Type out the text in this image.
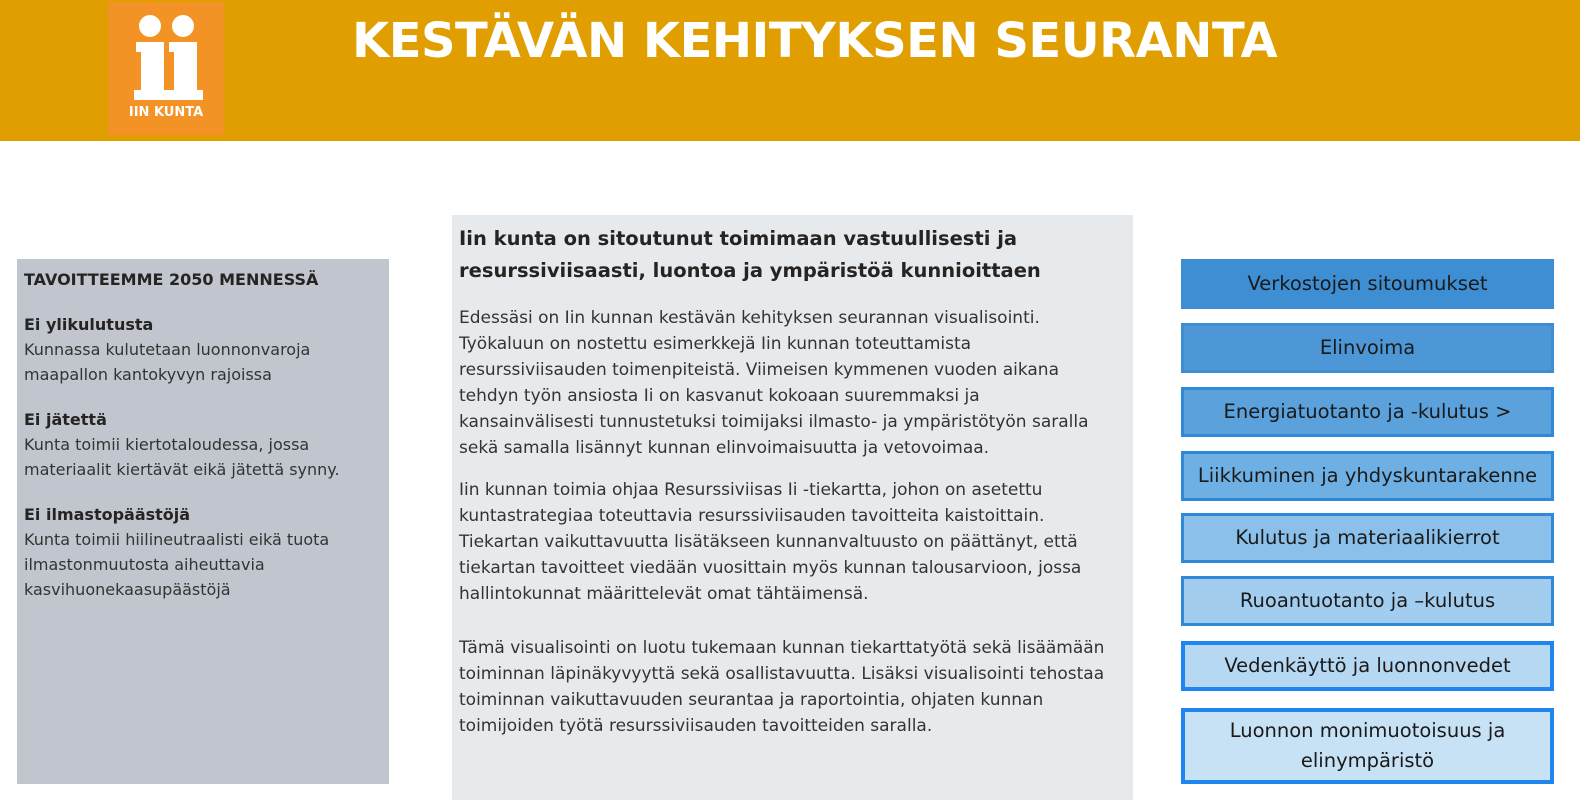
IIN KUNTA
KESTÄVÄN KEHITYKSEN SEURANTA
TAVOITTEEMME 2050 MENNESSÄ
Ei ylikulutusta
Kunnassa kulutetaan luonnonvaroja
maapallon kantokyvyn rajoissa
Ei jätettä
Kunta toimii kiertotaloudessa, jossa
materiaalit kiertävät eikä jätettä synny.
Ei ilmastopäästöjä
Kunta toimii hiilineutraalisti eikä tuota
ilmastonmuutosta aiheuttavia
kasvihuonekaasupäästöjä
Iin kunta on sitoutunut toimimaan vastuullisesti ja
resurssiviisaasti, luontoa ja ympäristöä kunnioittaen
Edessäsi on Iin kunnan kestävän kehityksen seurannan visualisointi.
Työkaluun on nostettu esimerkkejä Iin kunnan toteuttamista
resurssiviisauden toimenpiteistä. Viimeisen kymmenen vuoden aikana
tehdyn työn ansiosta Ii on kasvanut kokoaan suuremmaksi ja
kansainvälisesti tunnustetuksi toimijaksi ilmasto- ja ympäristötyön saralla
sekä samalla lisännyt kunnan elinvoimaisuutta ja vetovoimaa.
Iin kunnan toimia ohjaa Resurssiviisas Ii -tiekartta, johon on asetettu
kuntastrategiaa toteuttavia resurssiviisauden tavoitteita kaistoittain.
Tiekartan vaikuttavuutta lisätäkseen kunnanvaltuusto on päättänyt, että
tiekartan tavoitteet viedään vuosittain myös kunnan talousarvioon, jossa
hallintokunnat määrittelevät omat tähtäimensä.
Tämä visualisointi on luotu tukemaan kunnan tiekarttatyötä sekä lisäämään
toiminnan läpinäkyvyyttä sekä osallistavuutta. Lisäksi visualisointi tehostaa
toiminnan vaikuttavuuden seurantaa ja raportointia, ohjaten kunnan
toimijoiden työtä resurssiviisauden tavoitteiden saralla.
Verkostojen sitoumukset
Elinvoima
Energiatuotanto ja -kulutus >
Liikkuminen ja yhdyskuntarakenne
Kulutus ja materiaalikierrot
Ruoantuotanto ja –kulutus
Vedenkäyttö ja luonnonvedet
Luonnon monimuotoisuus ja
elinympäristö
